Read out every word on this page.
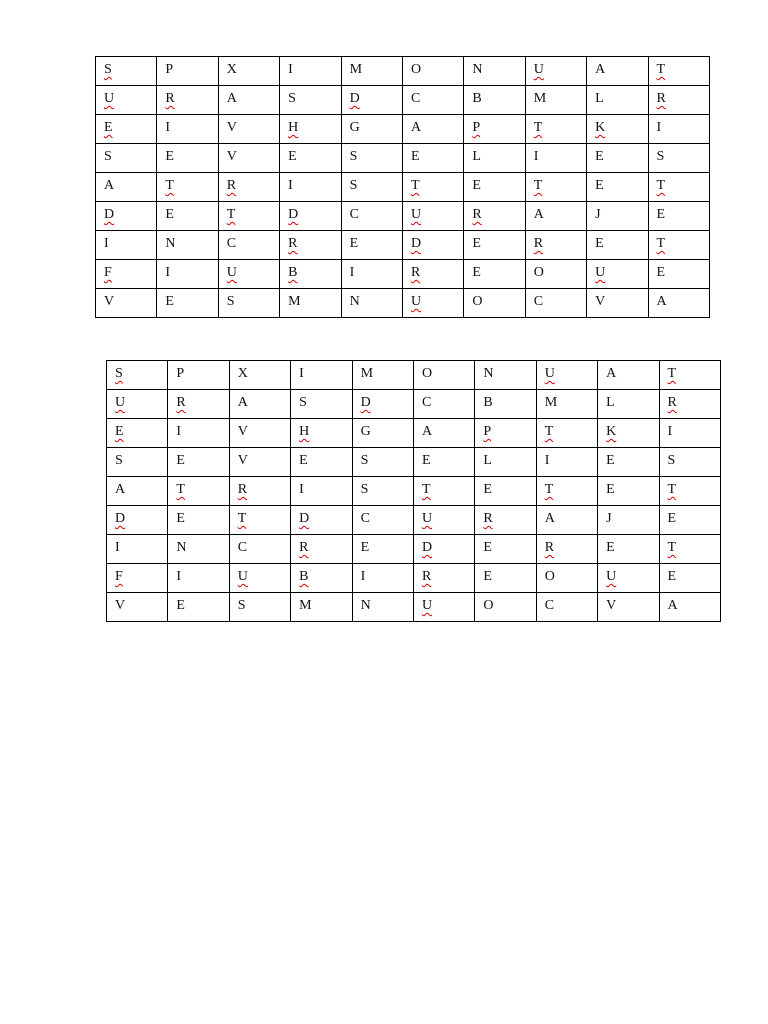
S	P	X	I	M	O	N	U	A	T
U	R	A	S	D	C	B	M	L	R
E	I	V	H	G	A	P	T	K	I
S	E	V	E	S	E	L	I	E	S
A	T	R	I	S	T	E	T	E	T
D	E	T	D	C	U	R	A	J	E
I	N	C	R	E	D	E	R	E	T
F	I	U	B	I	R	E	O	U	E
V	E	S	M	N	U	O	C	V	A
S	P	X	I	M	O	N	U	A	T
U	R	A	S	D	C	B	M	L	R
E	I	V	H	G	A	P	T	K	I
S	E	V	E	S	E	L	I	E	S
A	T	R	I	S	T	E	T	E	T
D	E	T	D	C	U	R	A	J	E
I	N	C	R	E	D	E	R	E	T
F	I	U	B	I	R	E	O	U	E
V	E	S	M	N	U	O	C	V	A
